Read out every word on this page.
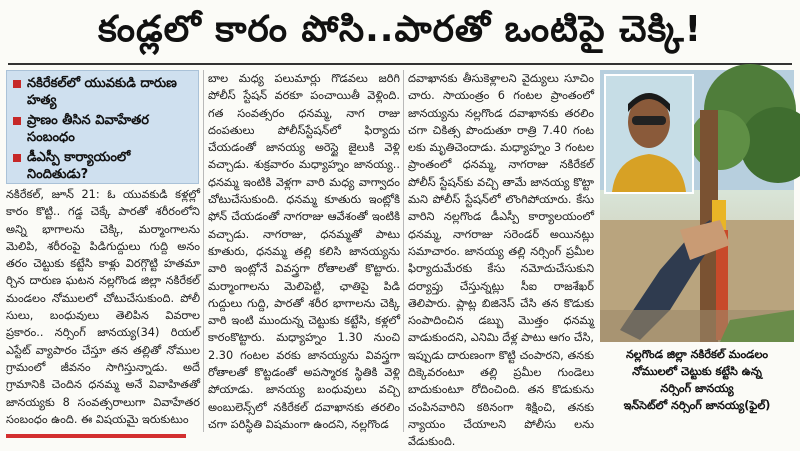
కండ్లలో కారం పోసి..పారతో ఒంటిపై చెక్కి!
నకిరేకల్‌లో యువకుడి దారుణ హత్య
ప్రాణం తీసిన వివాహేతర సంబంధం
డీఎస్పీ కార్యాయంలో నిందితుడు?
నకిరేకల్‌, జూన్‌ 21: ఓ యువకుడి కళ్లల్లో కారం కొట్టి.. గడ్డ చెక్కే పారతో శరీరంలోని అన్ని భాగాలను చెక్కి, మర్మాంగాలను మెలిపి, శరీరంపై పిడిగుద్దులు గుద్ది అనం తరం చెట్టుకు కట్టేసి కాళ్లు విరగ్గొట్టి హతమా ర్చిన దారుణ ఘటన నల్లగొండ జిల్లా నకిరేకల్‌ మండలం నోములలో చోటుచేసుకుంది. పోలీ సులు, బంధువులు తెలిపిన వివరాల ప్రకారం.. నర్సింగ్‌ జానయ్య(34) రియల్‌ ఎస్టేట్‌ వ్యాపారం చేస్తూ తన తల్లితో నోముల గ్రామంలో జీవనం సాగిస్తున్నాడు. అదే గ్రామానికి చెందిన ధనమ్మ అనే వివాహితతో జానయ్యకు 8 సంవత్సరాలుగా వివాహేతర సంబంధం ఉంది. ఈ విషయమై ఇరుకుటుం
బాల మధ్య పలుమార్లు గొడవలు జరిగి పోలీస్‌ స్టేషన్‌ వరకూ పంచాయితీ వెళ్లింది. గత సంవత్సరం ధనమ్మ, నాగ రాజు దంపతులు పోలీస్‌స్టేషన్‌లో ఫిర్యాదు చేయడంతో జానయ్య అరెస్టై జైలుకి వెళ్లి వచ్చాడు. శుక్రవారం మధ్యాహ్నం జానయ్య.. ధనమ్మ ఇంటికి వెళ్లగా వారి మధ్య వాగ్వాదం చోటుచేసుకుంది. ధనమ్మ కూతురు ఇంట్లోకి ఫోన్‌ చేయడంతో నాగరాజు ఆవేశంతో ఇంటికి వచ్చాడు. నాగరాజు, ధనమ్మతో పాటు కూతురు, ధనమ్మ తల్లి కలిసి జానయ్యను వారి ఇంట్లోనే వివస్త్రగా రోతాలతో కొట్టారు. మర్మాంగాలను మెలిపెట్టి, ఛాతిపై పిడి గుద్దులు గుద్ది, పారతో శరీర భాగాలను చెక్కి వారి ఇంటి ముందున్న చెట్టుకు కట్టేసి, కళ్లలో కారంకొట్టారు. మధ్యాహ్నం 1.30 నుంచి 2.30 గంటల వరకు జానయ్యను వివస్త్రగా రోతాలతో కొట్టడంతో అపస్మారక స్థితికి వెళ్లి పోయాడు. జానయ్య బంధువులు వచ్చి అంబులెన్స్‌లో నకిరేకల్‌ దవాఖానకు తరలిం చగా పరిస్థితి విషమంగా ఉందని, నల్లగొండ
దవాఖానకు తీసుకెళ్లాలని వైద్యులు సూచిం చారు. సాయంత్రం 6 గంటల ప్రాంతంలో జానయ్యను నల్లగొండ దవాఖానకు తరలిం చగా చికిత్స పొందుతూ రాత్రి 7.40 గంట లకు మృతిచెందాడు. మధ్యాహ్నం 3 గంటల ప్రాంతంలో ధనమ్మ, నాగరాజు నకిరేకల్‌ పోలీస్‌ స్టేషన్‌కు వచ్చి తామే జానయ్య కొట్టా మని పోలీస్‌ స్టేషన్‌లో లొంగిపోయారు. కేసు వారిని నల్లగొండ డీఎస్పీ కార్యాలయంలో ధనమ్మ, నాగరాజు సరెండర్‌ అయినట్లు సమాచారం. జానయ్య తల్లి నర్సింగ్‌ ప్రమీల ఫిర్యాదుమేరకు కేసు నమోదుచేసుకుని దర్యాప్తు చేస్తున్నట్లు సీఐ రాజశేఖర్‌ తెలిపారు. ప్లాట్ల బిజినెస్‌ చేసి తన కొడుకు సంపాదించిన డబ్బు మొత్తం ధనమ్మ వాడుకుందని, ఎనిమి దేళ్ల పాటు ఆగం చేసి, ఇప్పుడు దారుణంగా కొట్టి చంపారని, తనకు దిక్కెవరంటూ తల్లి ప్రమీల గుండెలు బాదుకుంటూ రోదించింది. తన కొడుకును చంపినవారిని కఠినంగా శిక్షించి, తనకు న్యాయం చేయాలని పోలీసు లను వేడుకుంది.
నల్లగొండ జిల్లా నకిరేకల్‌ మండలం
నోములలో చెట్టుకు కట్టేసి ఉన్న
నర్సింగ్‌ జానయ్య
ఇన్‌సెట్‌లో నర్సింగ్‌ జానయ్య(ఫైల్‌)
